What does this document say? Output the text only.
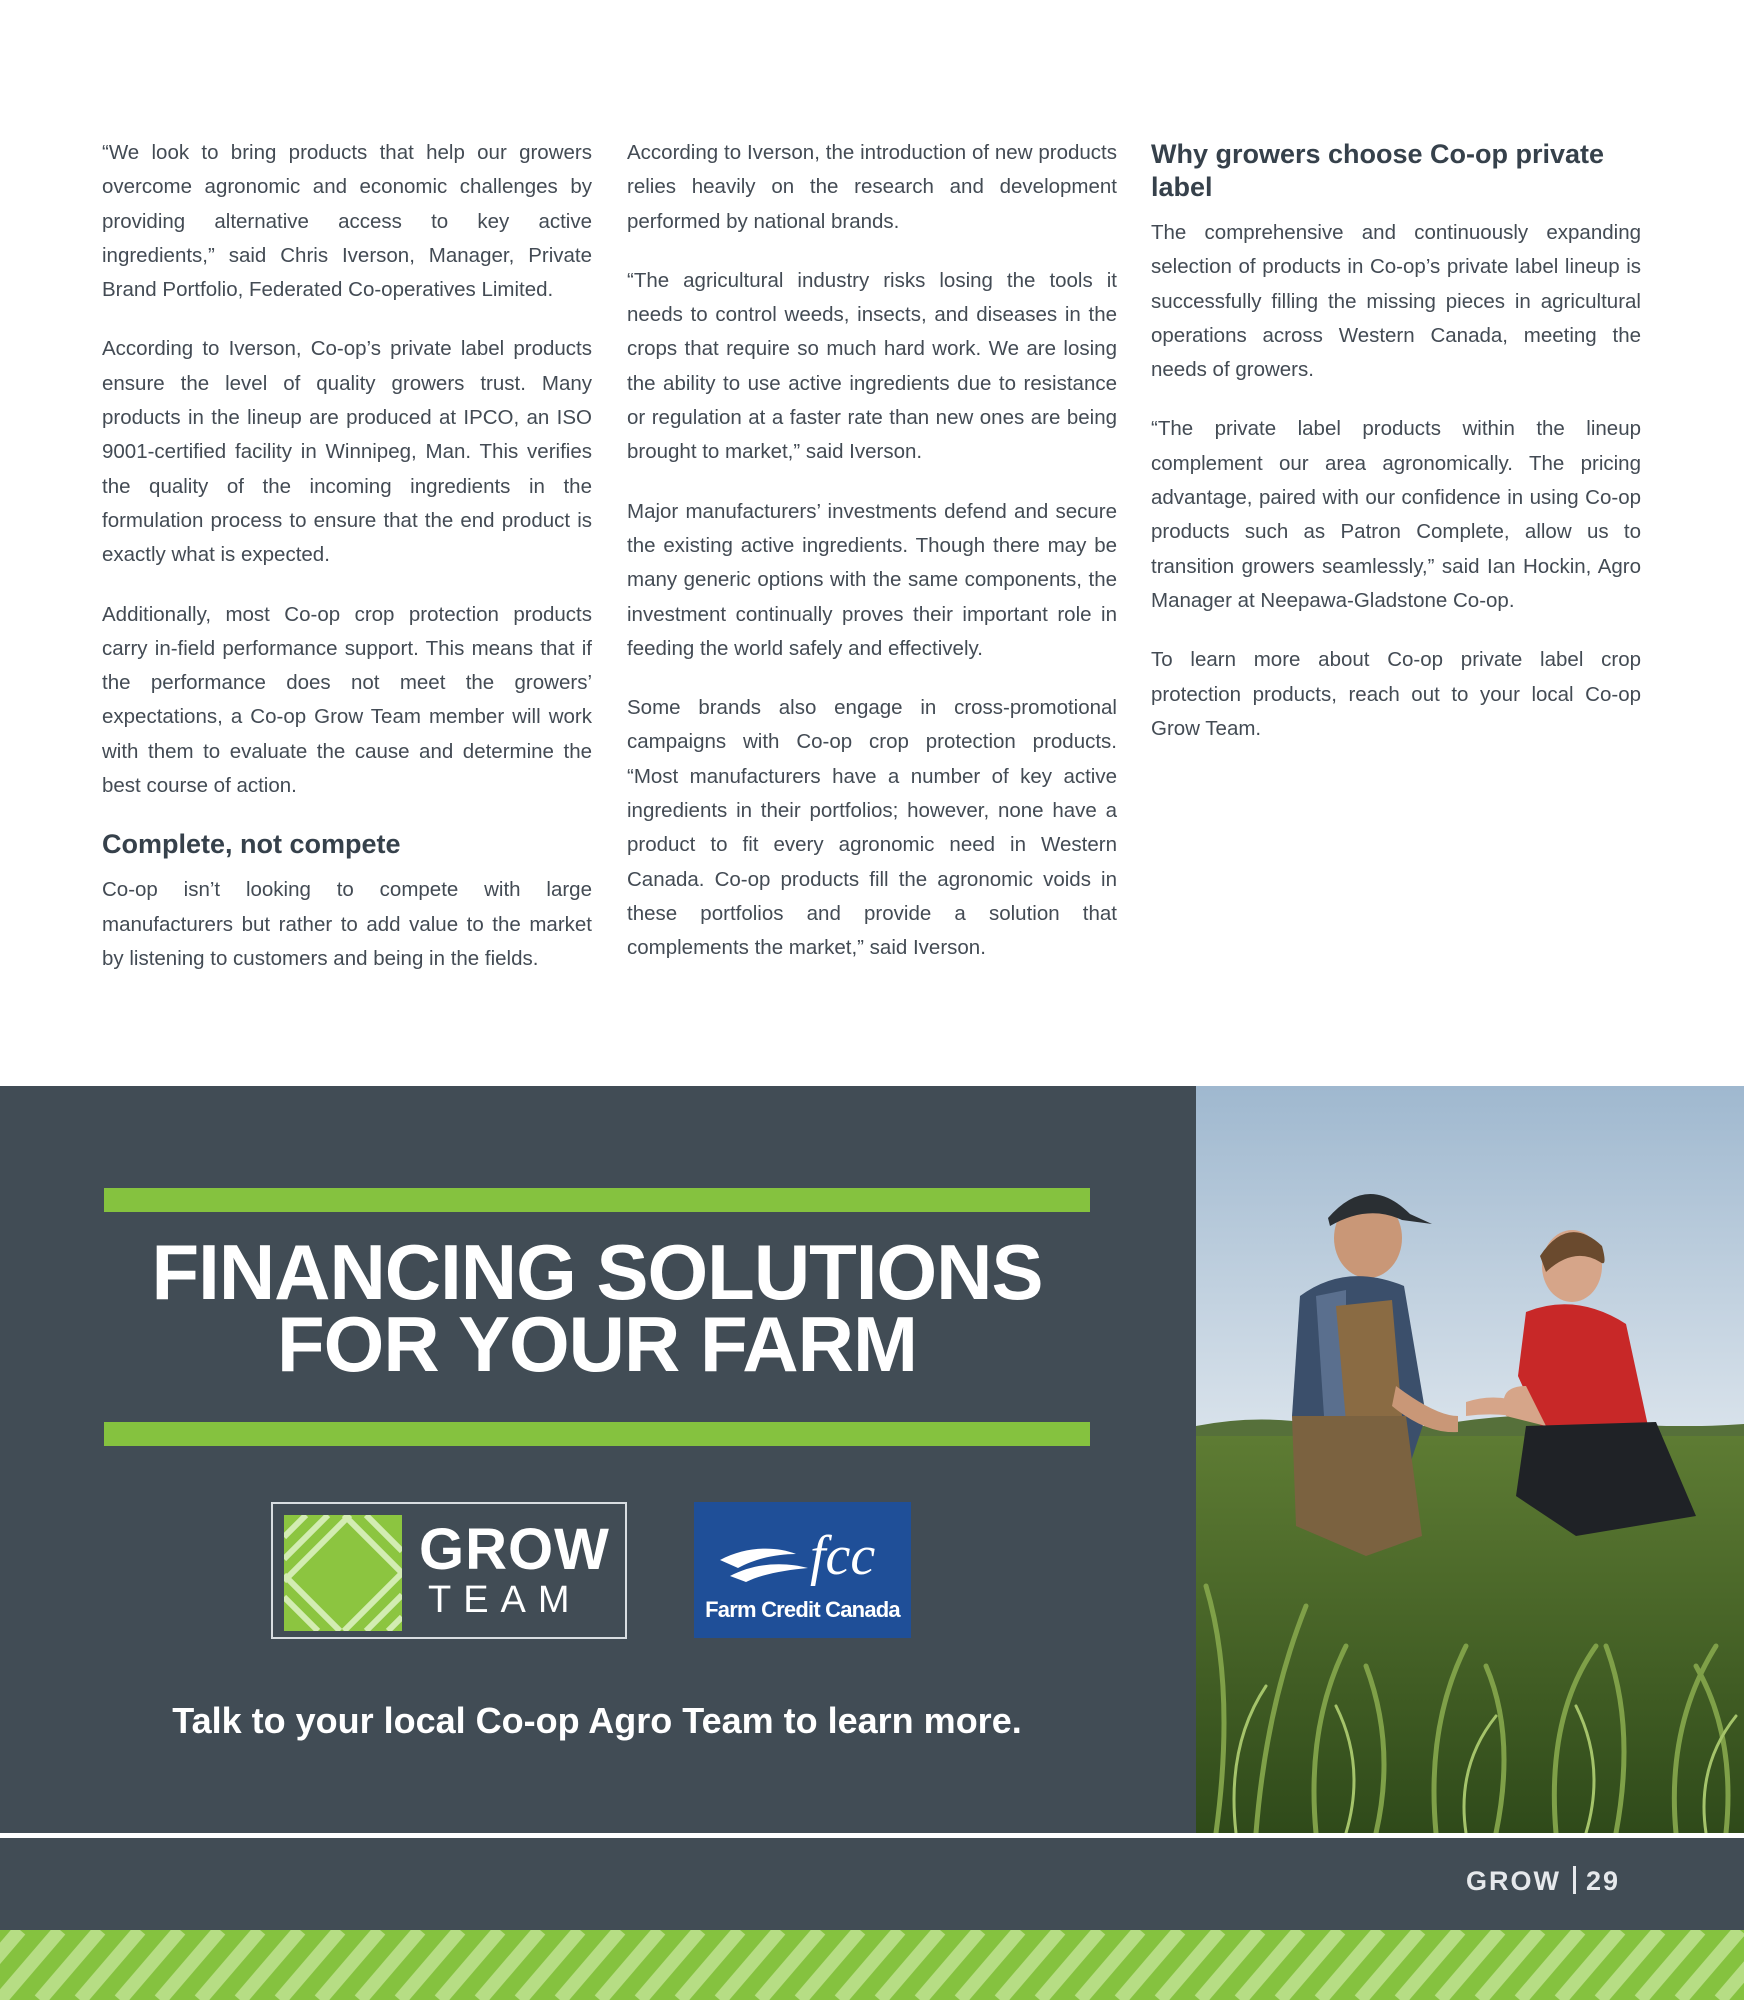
“We look to bring products that help our growers overcome agronomic and economic challenges by providing alternative access to key active ingredients,” said Chris Iverson, Manager, Private Brand Portfolio, Federated Co-operatives Limited.

According to Iverson, Co-op’s private label products ensure the level of quality growers trust. Many products in the lineup are produced at IPCO, an ISO 9001-certified facility in Winnipeg, Man. This verifies the quality of the incoming ingredients in the formulation process to ensure that the end product is exactly what is expected.

Additionally, most Co-op crop protection products carry in-field performance support. This means that if the performance does not meet the growers’ expectations, a Co-op Grow Team member will work with them to evaluate the cause and determine the best course of action.

Complete, not compete

Co-op isn’t looking to compete with large manufacturers but rather to add value to the market by listening to customers and being in the fields.

According to Iverson, the introduction of new products relies heavily on the research and development performed by national brands.

“The agricultural industry risks losing the tools it needs to control weeds, insects, and diseases in the crops that require so much hard work. We are losing the ability to use active ingredients due to resistance or regulation at a faster rate than new ones are being brought to market,” said Iverson.

Major manufacturers’ investments defend and secure the existing active ingredients. Though there may be many generic options with the same components, the investment continually proves their important role in feeding the world safely and effectively.

Some brands also engage in cross-promotional campaigns with Co-op crop protection products. “Most manufacturers have a number of key active ingredients in their portfolios; however, none have a product to fit every agronomic need in Western Canada. Co-op products fill the agronomic voids in these portfolios and provide a solution that complements the market,” said Iverson.

Why growers choose Co-op private label

The comprehensive and continuously expanding selection of products in Co-op’s private label lineup is successfully filling the missing pieces in agricultural operations across Western Canada, meeting the needs of growers.

“The private label products within the lineup complement our area agronomically. The pricing advantage, paired with our confidence in using Co-op products such as Patron Complete, allow us to transition growers seamlessly,” said Ian Hockin, Agro Manager at Neepawa-Gladstone Co-op.

To learn more about Co-op private label crop protection products, reach out to your local Co-op Grow Team.

FINANCING SOLUTIONS
FOR YOUR FARM
GROW
TEAM
fcc
Farm Credit Canada

Talk to your local Co-op Agro Team to learn more.

GROW 29
